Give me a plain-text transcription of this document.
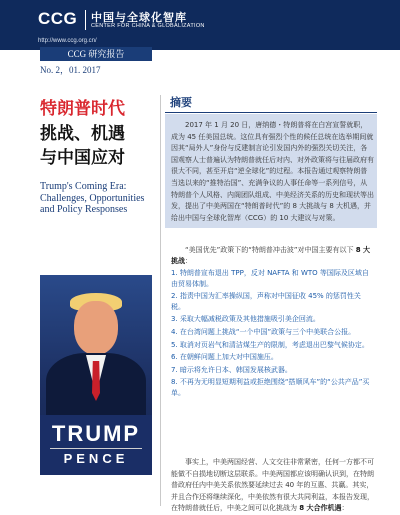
CCG 中国与全球化智库
CENTER FOR CHINA & GLOBALIZATION
http://www.ccg.org.cn/
CCG 研究报告
No. 2，01. 2017
特朗普时代
挑战、机遇
与中国应对
Trump's Coming Era: Challenges, Opportunities and Policy Responses
TRUMP
PENCE
摘要

2017 年 1 月 20 日，唐纳德・特朗普将在白宫宣誓就职，成为 45 任美国总统。这位具有强烈个性的候任总统在选举期间就因其“局外人”身份与反建制言论引发国内外的强烈关切关注，各国观察人士普遍认为特朗普就任后对内、对外政策将与往届政府有很大不同，甚至开启“逆全球化”的过程。本报告通过观察特朗普当选以来的“推特治国”、充满争议的人事任命等一系列信号，从特朗普个人风格、内阁团队组成、中美经济关系的历史和现状等出发，提出了中美两国在“特朗普时代”的 8 大挑战与 8 大机遇，并给出中国与全球化智库（CCG）的 10 大建议与对策。

“美国优先”政策下的“特朗普冲击波”对中国主要有以下 8 大挑战：

1. 特朗普宣布退出 TPP，反对 NAFTA 和 WTO 等国际及区域自由贸易体制。
2. 指责中国为汇率操纵国，声称对中国征收 45% 的惩罚性关税。
3. 采取大幅减税政策及其他措施吸引美企回流。
4. 在台湾问题上挑战“一个中国”政策与三个中美联合公报。
5. 取消对页岩气和清洁煤生产的限制，考虑退出巴黎气候协定。
6. 在朝鲜问题上加大对中国施压。
7. 暗示将允许日本、韩国发展核武器。
8. 不再为无明显短期利益或拒绝围绕“搭顺风车”的“公共产品”买单。

事实上，中美两国经营、人文交往非常紧密，任何一方都不可能做不自损地切断这层联系。中美两国都应该明确认识到，在特朗普政府任内中美关系依然要延续过去 40 年的互惠、共赢。其实，并且合作还将继续深化，中美依然有很大共同利益，本报告发现，在特朗普就任后，中美之间可以化挑战为 8 大合作机遇：
